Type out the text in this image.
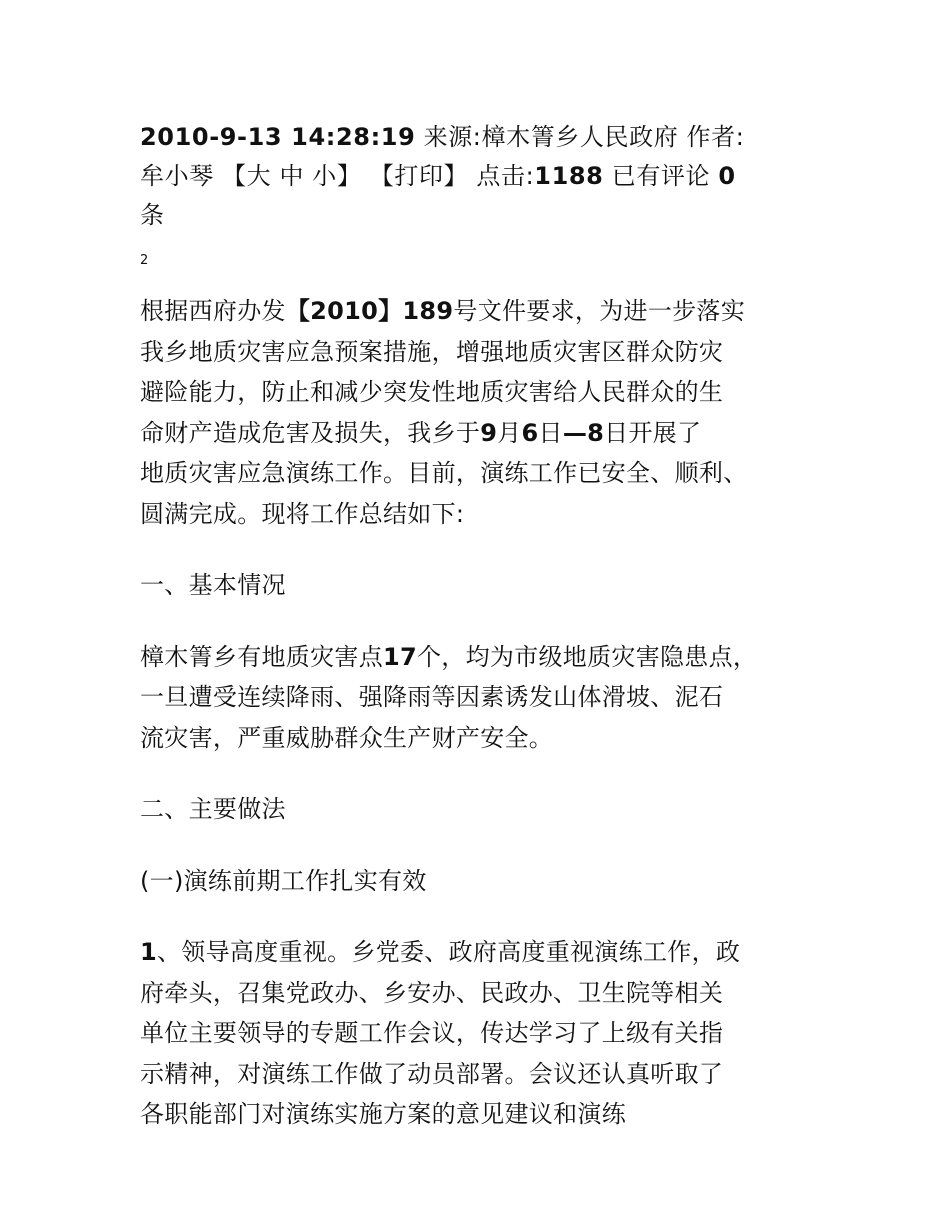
2010-9-13 14:28:19 来源:樟木箐乡人民政府 作者:
牟小琴 【大 中 小】 【打印】 点击:1188 已有评论 0
条

2

根据西府办发【2010】189号文件要求，为进一步落实
我乡地质灾害应急预案措施，增强地质灾害区群众防灾
避险能力，防止和减少突发性地质灾害给人民群众的生
命财产造成危害及损失，我乡于9月6日—8日开展了
地质灾害应急演练工作。目前，演练工作已安全、顺利、
圆满完成。现将工作总结如下:

一、基本情况

樟木箐乡有地质灾害点17个，均为市级地质灾害隐患点，
一旦遭受连续降雨、强降雨等因素诱发山体滑坡、泥石
流灾害，严重威胁群众生产财产安全。

二、主要做法

(一)演练前期工作扎实有效

1、领导高度重视。乡党委、政府高度重视演练工作，政
府牵头，召集党政办、乡安办、民政办、卫生院等相关
单位主要领导的专题工作会议，传达学习了上级有关指
示精神，对演练工作做了动员部署。会议还认真听取了
各职能部门对演练实施方案的意见建议和演练
